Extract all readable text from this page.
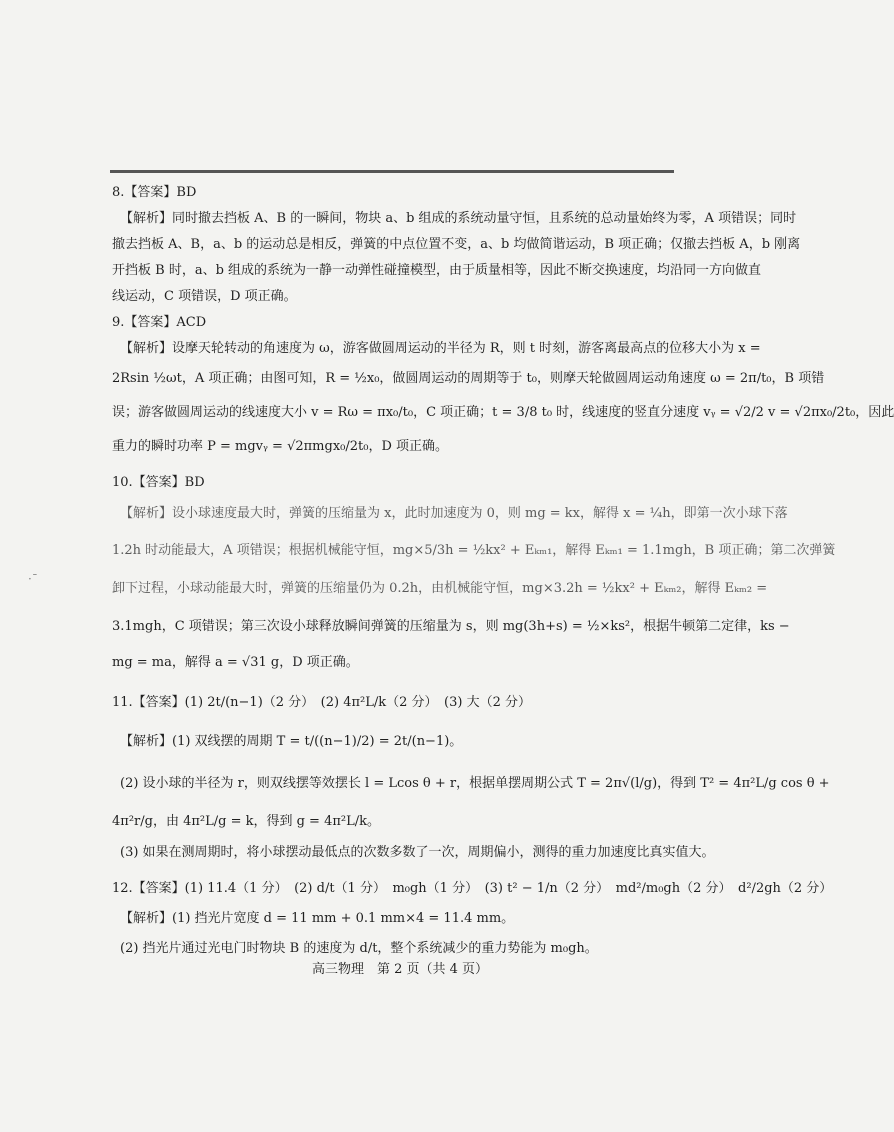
·ˉ
8.【答案】BD
【解析】同时撤去挡板 A、B 的一瞬间，物块 a、b 组成的系统动量守恒，且系统的总动量始终为零，A 项错误；同时
撤去挡板 A、B，a、b 的运动总是相反，弹簧的中点位置不变，a、b 均做简谐运动，B 项正确；仅撤去挡板 A，b 刚离
开挡板 B 时，a、b 组成的系统为一静一动弹性碰撞模型，由于质量相等，因此不断交换速度，均沿同一方向做直
线运动，C 项错误，D 项正确。
9.【答案】ACD
【解析】设摩天轮转动的角速度为 ω，游客做圆周运动的半径为 R，则 t 时刻，游客离最高点的位移大小为 x =
2Rsin ½ωt，A 项正确；由图可知，R = ½x₀，做圆周运动的周期等于 t₀，则摩天轮做圆周运动角速度 ω = 2π/t₀，B 项错
误；游客做圆周运动的线速度大小 v = Rω = πx₀/t₀，C 项正确；t = 3/8 t₀ 时，线速度的竖直分速度 vᵧ = √2/2 v = √2πx₀/2t₀，因此
重力的瞬时功率 P = mgvᵧ = √2πmgx₀/2t₀，D 项正确。
10.【答案】BD
【解析】设小球速度最大时，弹簧的压缩量为 x，此时加速度为 0，则 mg = kx，解得 x = ¼h，即第一次小球下落
1.2h 时动能最大，A 项错误；根据机械能守恒，mg×5/3h = ½kx² + Eₖₘ₁，解得 Eₖₘ₁ = 1.1mgh，B 项正确；第二次弹簧
卸下过程，小球动能最大时，弹簧的压缩量仍为 0.2h，由机械能守恒，mg×3.2h = ½kx² + Eₖₘ₂，解得 Eₖₘ₂ =
3.1mgh，C 项错误；第三次设小球释放瞬间弹簧的压缩量为 s，则 mg(3h+s) = ½×ks²，根据牛顿第二定律，ks −
mg = ma，解得 a = √31 g，D 项正确。
11.【答案】(1) 2t/(n−1)（2 分）　(2) 4π²L/k（2 分）　(3) 大（2 分）
【解析】(1) 双线摆的周期 T = t/((n−1)/2) = 2t/(n−1)。
(2) 设小球的半径为 r，则双线摆等效摆长 l = Lcos θ + r，根据单摆周期公式 T = 2π√(l/g)，得到 T² = 4π²L/g cos θ +
4π²r/g，由 4π²L/g = k，得到 g = 4π²L/k。
(3) 如果在测周期时，将小球摆动最低点的次数多数了一次，周期偏小，测得的重力加速度比真实值大。
12.【答案】(1) 11.4（1 分）　(2) d/t（1 分）　m₀gh（1 分）　(3) t² − 1/n（2 分）　md²/m₀gh（2 分）　d²/2gh（2 分）
【解析】(1) 挡光片宽度 d = 11 mm + 0.1 mm×4 = 11.4 mm。
(2) 挡光片通过光电门时物块 B 的速度为 d/t，整个系统减少的重力势能为 m₀gh。
高三物理　第 2 页（共 4 页）
